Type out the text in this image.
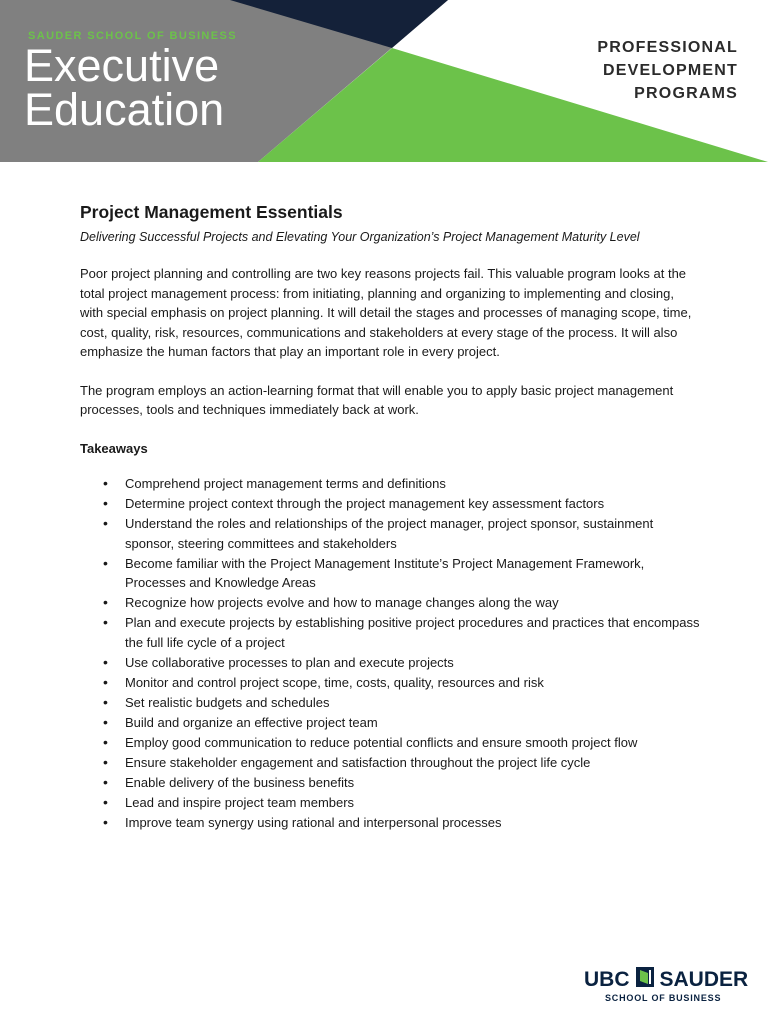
SAUDER SCHOOL OF BUSINESS
Executive
Education
PROFESSIONAL
DEVELOPMENT
PROGRAMS
Project Management Essentials

Delivering Successful Projects and Elevating Your Organization’s Project Management Maturity Level

Poor project planning and controlling are two key reasons projects fail. This valuable program looks at the total project management process: from initiating, planning and organizing to implementing and closing, with special emphasis on project planning. It will detail the stages and processes of managing scope, time, cost, quality, risk, resources, communications and stakeholders at every stage of the process. It will also emphasize the human factors that play an important role in every project.

The program employs an action-learning format that will enable you to apply basic project management processes, tools and techniques immediately back at work.

Takeaways

• Comprehend project management terms and definitions
• Determine project context through the project management key assessment factors
• Understand the roles and relationships of the project manager, project sponsor, sustainment sponsor, steering committees and stakeholders
• Become familiar with the Project Management Institute’s Project Management Framework, Processes and Knowledge Areas
• Recognize how projects evolve and how to manage changes along the way
• Plan and execute projects by establishing positive project procedures and practices that encompass the full life cycle of a project
• Use collaborative processes to plan and execute projects
• Monitor and control project scope, time, costs, quality, resources and risk
• Set realistic budgets and schedules
• Build and organize an effective project team
• Employ good communication to reduce potential conflicts and ensure smooth project flow
• Ensure stakeholder engagement and satisfaction throughout the project life cycle
• Enable delivery of the business benefits
• Lead and inspire project team members
• Improve team synergy using rational and interpersonal processes
UBC SAUDER
SCHOOL OF BUSINESS
